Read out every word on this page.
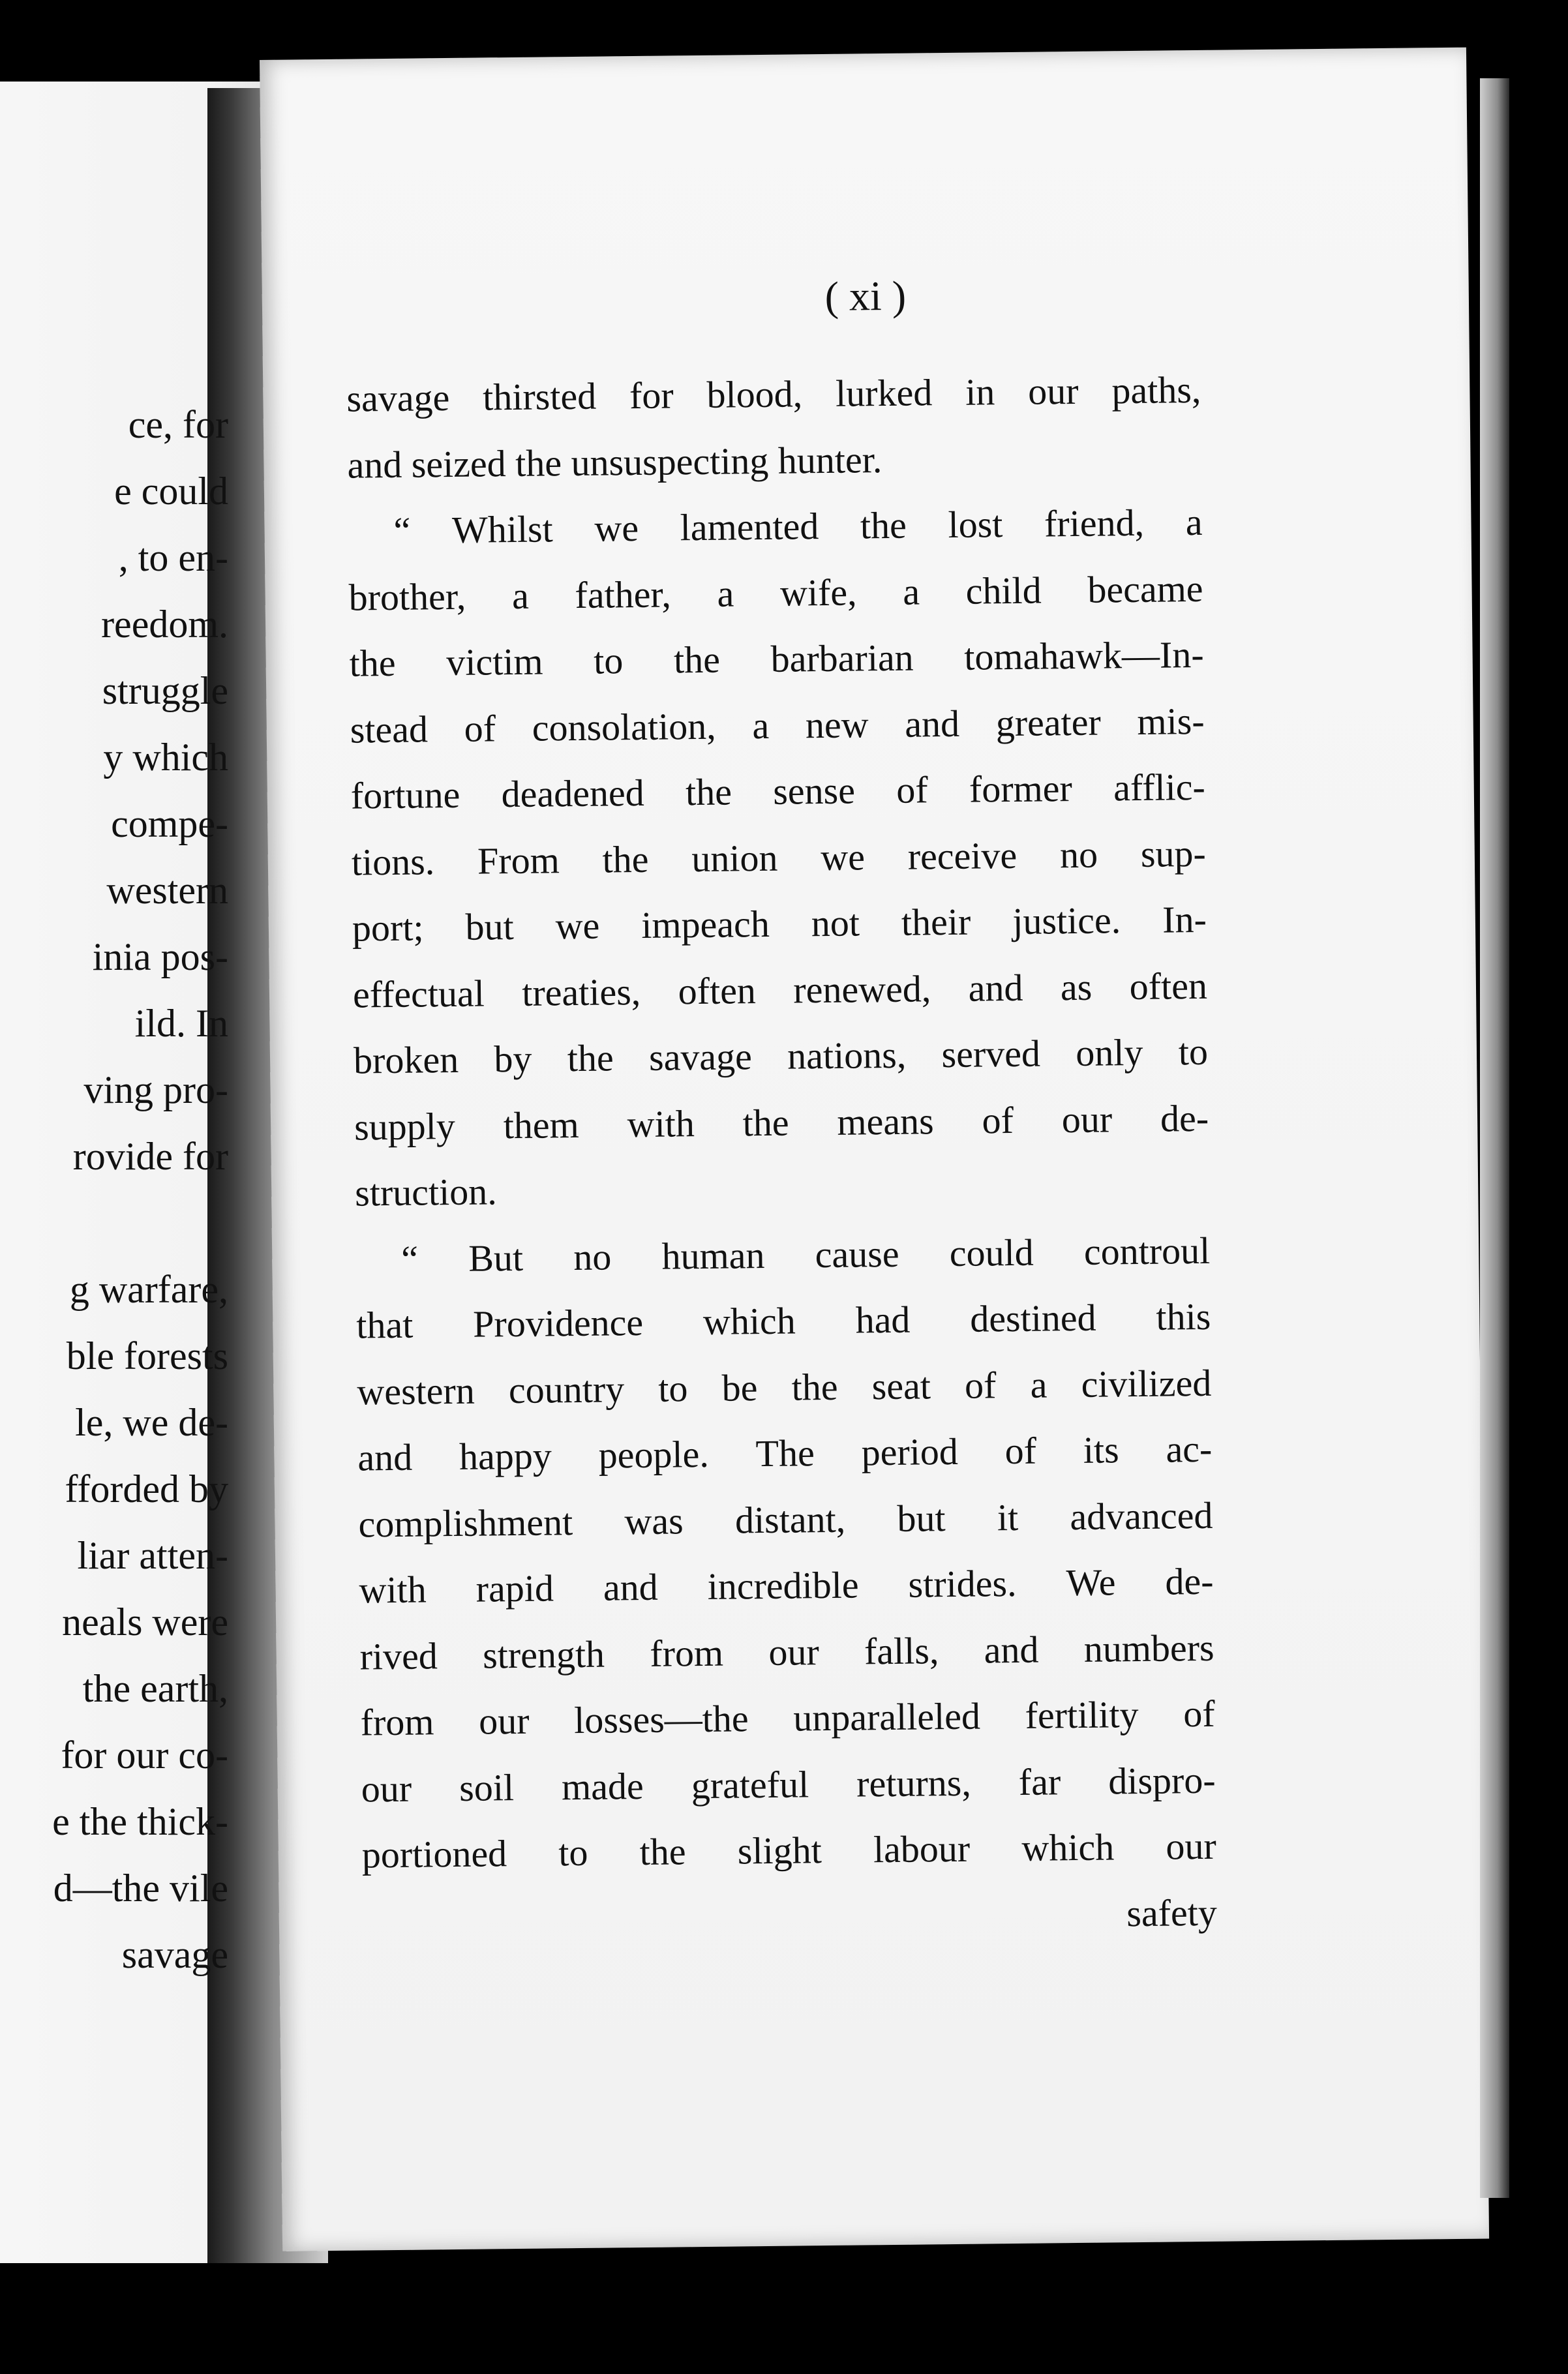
ce, for
e could
, to en-
reedom.
struggle
y which
compe-
western
inia pos-
ild. In
ving pro-
rovide for
g warfare,
ble forests
le, we de-
fforded by
liar atten-
neals were
the earth,
for our co-
e the thick-
d—the vile
savage
( xi )
savage thirsted for blood, lurked in our paths,
and seized the unsuspecting hunter.
“ Whilst we lamented the lost friend, a
brother, a father, a wife, a child became
the victim to the barbarian tomahawk—In-
stead of consolation, a new and greater mis-
fortune deadened the sense of former afflic-
tions. From the union we receive no sup-
port; but we impeach not their justice. In-
effectual treaties, often renewed, and as often
broken by the savage nations, served only to
supply them with the means of our de-
struction.
“ But no human cause could controul
that Providence which had destined this
western country to be the seat of a civilized
and happy people. The period of its ac-
complishment was distant, but it advanced
with rapid and incredible strides. We de-
rived strength from our falls, and numbers
from our losses—the unparalleled fertility of
our soil made grateful returns, far dispro-
portioned to the slight labour which our
safety
